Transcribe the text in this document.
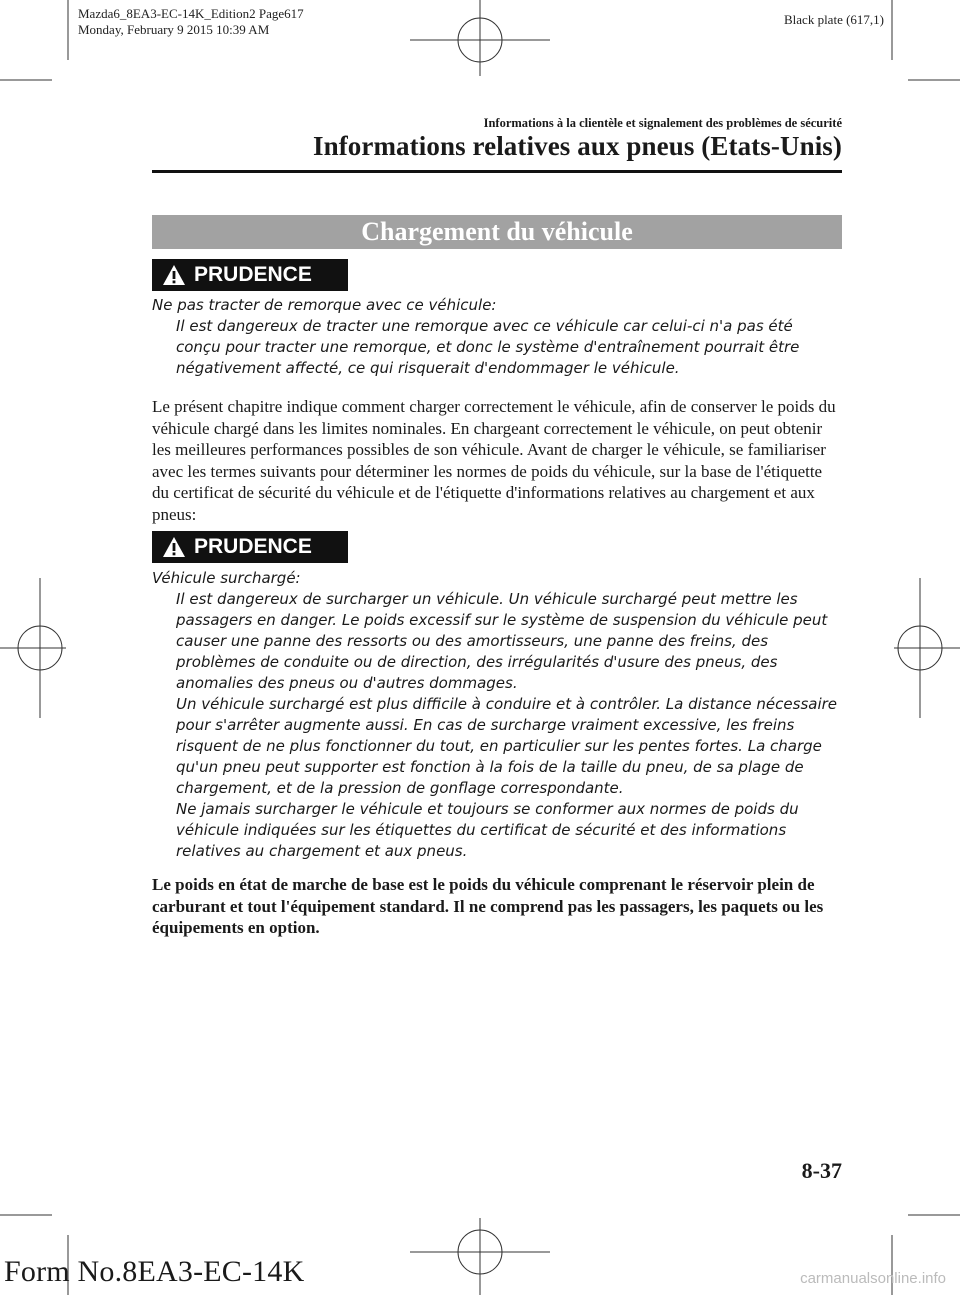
Mazda6_8EA3-EC-14K_Edition2 Page617
Monday, February 9 2015 10:39 AM
Black plate (617,1)
Informations à la clientèle et signalement des problèmes de sécurité
Informations relatives aux pneus (Etats-Unis)
Chargement du véhicule
PRUDENCE

Ne pas tracter de remorque avec ce véhicule:

Il est dangereux de tracter une remorque avec ce véhicule car celui-ci n'a pas été conçu pour tracter une remorque, et donc le système d'entraînement pourrait être négativement affecté, ce qui risquerait d'endommager le véhicule.

Le présent chapitre indique comment charger correctement le véhicule, afin de conserver le poids du véhicule chargé dans les limites nominales. En chargeant correctement le véhicule, on peut obtenir les meilleures performances possibles de son véhicule. Avant de charger le véhicule, se familiariser avec les termes suivants pour déterminer les normes de poids du véhicule, sur la base de l'étiquette du certificat de sécurité du véhicule et de l'étiquette d'informations relatives au chargement et aux pneus:

PRUDENCE

Véhicule surchargé:

Il est dangereux de surcharger un véhicule. Un véhicule surchargé peut mettre les passagers en danger. Le poids excessif sur le système de suspension du véhicule peut causer une panne des ressorts ou des amortisseurs, une panne des freins, des problèmes de conduite ou de direction, des irrégularités d'usure des pneus, des anomalies des pneus ou d'autres dommages.

Un véhicule surchargé est plus difficile à conduire et à contrôler. La distance nécessaire pour s'arrêter augmente aussi. En cas de surcharge vraiment excessive, les freins risquent de ne plus fonctionner du tout, en particulier sur les pentes fortes. La charge qu'un pneu peut supporter est fonction à la fois de la taille du pneu, de sa plage de chargement, et de la pression de gonflage correspondante.

Ne jamais surcharger le véhicule et toujours se conformer aux normes de poids du véhicule indiquées sur les étiquettes du certificat de sécurité et des informations relatives au chargement et aux pneus.

Le poids en état de marche de base est le poids du véhicule comprenant le réservoir plein de carburant et tout l'équipement standard. Il ne comprend pas les passagers, les paquets ou les équipements en option.

8-37
Form No.8EA3-EC-14K	carmanualsonline.info
